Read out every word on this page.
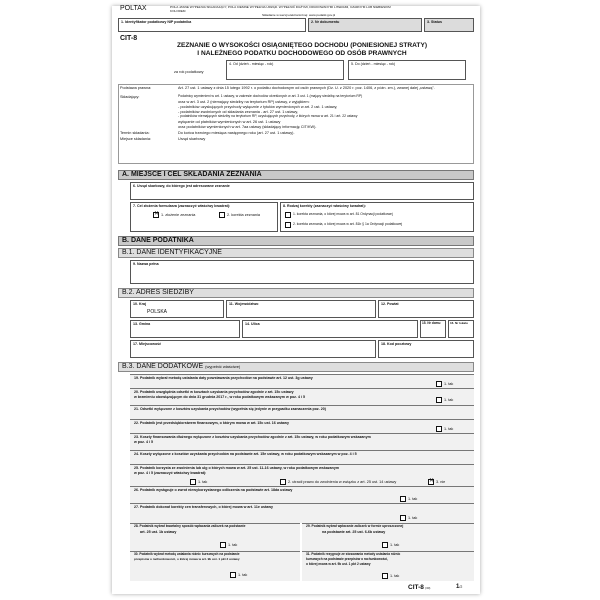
POLTAX	POLA JASNE WYPEŁNIA SKŁADAJĄCY, POLA CIEMNE WYPEŁNIA URZĄD. WYPEŁNIĆ DUŻYMI, DRUKOWANYMI LITERAMI, CZARNYM LUB NIEBIESKIM
KOLOREM
Składanie w wersji elektronicznej: www.podatki.gov.pl
1. Identyfikator podatkowy NIP podatnika	2. Nr dokumentu	3. Status
CIT-8
ZEZNANIE O WYSOKOŚCI OSIĄGNIĘTEGO DOCHODU (PONIESIONEJ STRATY)
I NALEŻNEGO PODATKU DOCHODOWEGO OD OSÓB PRAWNYCH
za rok podatkowy
4. Od (dzień - miesiąc - rok)	5. Do (dzień - miesiąc - rok)
Podstawa prawna:	Art. 27 ust. 1 ustawy z dnia 15 lutego 1992 r. o podatku dochodowym od osób prawnych (Dz. U. z 2020 r. poz. 1406, z późn. zm.), zwanej dalej „ustawą”.
Składający:	Podatnicy wymienieni w art. 1 ustawy, w zakresie dochodów określonych w art. 3 ust. 1 (mający siedzibę na terytorium RP)
oraz w art. 3 ust. 2 (niemający siedziby na terytorium RP) ustawy, z wyjątkiem:
- podatników uzyskujących przychody wyłącznie z tytułów wymienionych w art. 2 ust. 1 ustawy,
- podatników zwolnionych od składania zeznania - art. 27 ust. 1 ustawy,
- podatników niemających siedziby na terytorium RP, uzyskujących przychody, z których mowa w art. 21 i art. 22 ustawy
wyłącznie od płatników wymienionych w art. 26 ust. 1 ustawy
oraz podatników wymienionych w art. 7aa ustawy (składający informację CIT/KW).
Termin składania:	Do końca trzeciego miesiąca następnego roku (art. 27 ust. 1 ustawy).
Miejsce składania:	Urząd skarbowy
A. MIEJSCE I CEL SKŁADANIA ZEZNANIA
6. Urząd skarbowy, do którego jest adresowane zeznanie
7. Cel złożenia formularza (zaznaczyć właściwy kwadrat):
✕
1. złożenie zeznania	2. korekta zeznania
8. Rodzaj korekty (zaznaczyć właściwy kwadrat):
1. korekta zeznania, o której mowa w art. 81 Ordynacji podatkowej
2. korekta zeznania, o której mowa w art. 81b § 1a Ordynacji podatkowej
B. DANE PODATNIKA
B.1. DANE IDENTYFIKACYJNE
9. Nazwa pełna
B.2. ADRES SIEDZIBY
10. Kraj
POLSKA
11. Województwo	12. Powiat
13. Gmina	14. Ulica	15. Nr domu	16. Nr lokalu
17. Miejscowość	18. Kod pocztowy
B.3. DANE DODATKOWE (wypełnić właściwe)
19. Podatnik wybrał metodę ustalania daty powstawania przychodów na podstawie art. 12 ust. 3g ustawy
1. tak
20. Podatnik uwzględnia odsetki w kosztach uzyskania przychodów zgodnie z art. 15c ustawy
w brzmieniu obowiązującym do dnia 31 grudnia 2017 r., w roku podatkowym wskazanym w poz. 4 i 5
1. tak
21. Odsetki wyłączone z kosztów uzyskania przychodów (wypełnia się jedynie w przypadku zaznaczenia poz. 20)
22. Podatnik jest przedsiębiorstwem finansowym, o którym mowa w art. 15c ust. 16 ustawy
1. tak
23. Koszty finansowania dłużnego wyłączone z kosztów uzyskania przychodów zgodnie z art. 15c ustawy, w roku podatkowym wskazanym
w poz. 4 i 5
24. Koszty wyłączone z kosztów uzyskania przychodów na podstawie art. 15e ustawy, w roku podatkowym wskazanym w poz. 4 i 5
25. Podatnik korzysta ze zwolnienia lub ulg o których mowa w art. 25 ust. 11-16 ustawy, w roku podatkowym wskazanym
w poz. 4 i 5 (zaznaczyć właściwy kwadrat):
1. tak	2. utracił prawo do zwolnienia w związku z art. 25 ust. 14 ustawy
✕	3. nie
26. Podatnik występuje o zwrot niewykorzystanego odliczenia na podstawie art. 18da ustawy
1. tak
27. Podatnik dokonał korekty cen transferowych, o której mowa w art. 11e ustawy
1. tak
28. Podatnik wybrał kwartalny sposób wpłacania zaliczek na podstawie
art. 25 ust. 1b ustawy
1. tak
29. Podatnik wybrał wpłacanie zaliczek w formie uproszczonej
na podstawie art. 25 ust. 6-6b ustawy
1. tak
30. Podatnik wybrał metodę ustalania różnic kursowych na podstawie
przepisów o rachunkowości, o której mowa w art. 9b ust. 1 pkt 2 ustawy
1. tak
31. Podatnik rezygnuje ze stosowania metody ustalania różnic
kursowych na podstawie przepisów o rachunkowości,
o której mowa w art. 9b ust. 1 pkt 2 ustawy
1. tak
CIT-8 (30)	1/2
